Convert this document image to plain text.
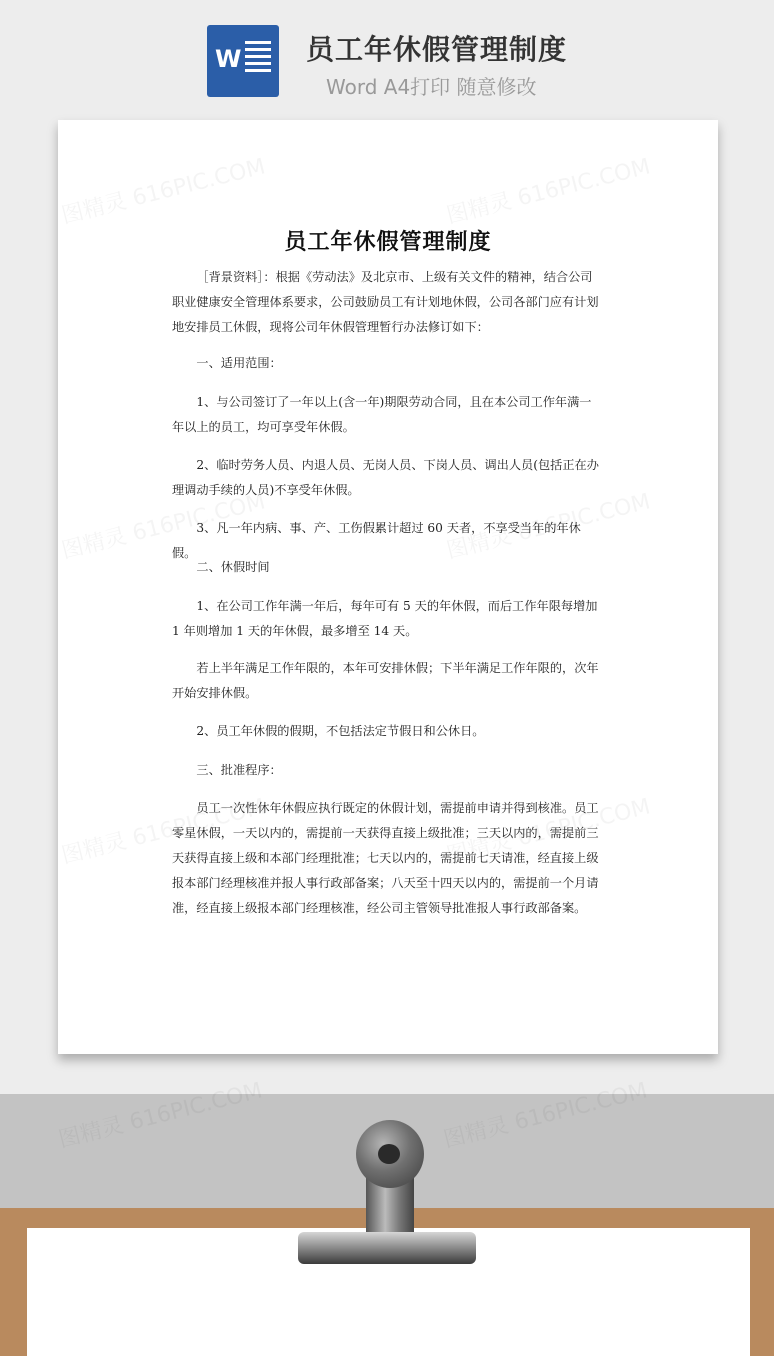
W 员工年休假管理制度
Word A4打印 随意修改
员工年休假管理制度

［背景资料］：根据《劳动法》及北京市、上级有关文件的精神，结合公司职业健康安全管理体系要求，公司鼓励员工有计划地休假，公司各部门应有计划地安排员工休假，现将公司年休假管理暂行办法修订如下：

一、适用范围：

1、与公司签订了一年以上(含一年)期限劳动合同，且在本公司工作年满一年以上的员工，均可享受年休假。

2、临时劳务人员、内退人员、无岗人员、下岗人员、调出人员(包括正在办理调动手续的人员)不享受年休假。

3、凡一年内病、事、产、工伤假累计超过 60 天者，不享受当年的年休假。

二、休假时间

1、在公司工作年满一年后，每年可有 5 天的年休假，而后工作年限每增加 1 年则增加 1 天的年休假，最多增至 14 天。

若上半年满足工作年限的，本年可安排休假；下半年满足工作年限的，次年开始安排休假。

2、员工年休假的假期，不包括法定节假日和公休日。

三、批准程序：

员工一次性休年休假应执行既定的休假计划，需提前申请并得到核准。员工零星休假，一天以内的，需提前一天获得直接上级批准；三天以内的，需提前三天获得直接上级和本部门经理批准；七天以内的，需提前七天请准，经直接上级报本部门经理核准并报人事行政部备案；八天至十四天以内的，需提前一个月请准，经直接上级报本部门经理核准，经公司主管领导批准报人事行政部备案。
